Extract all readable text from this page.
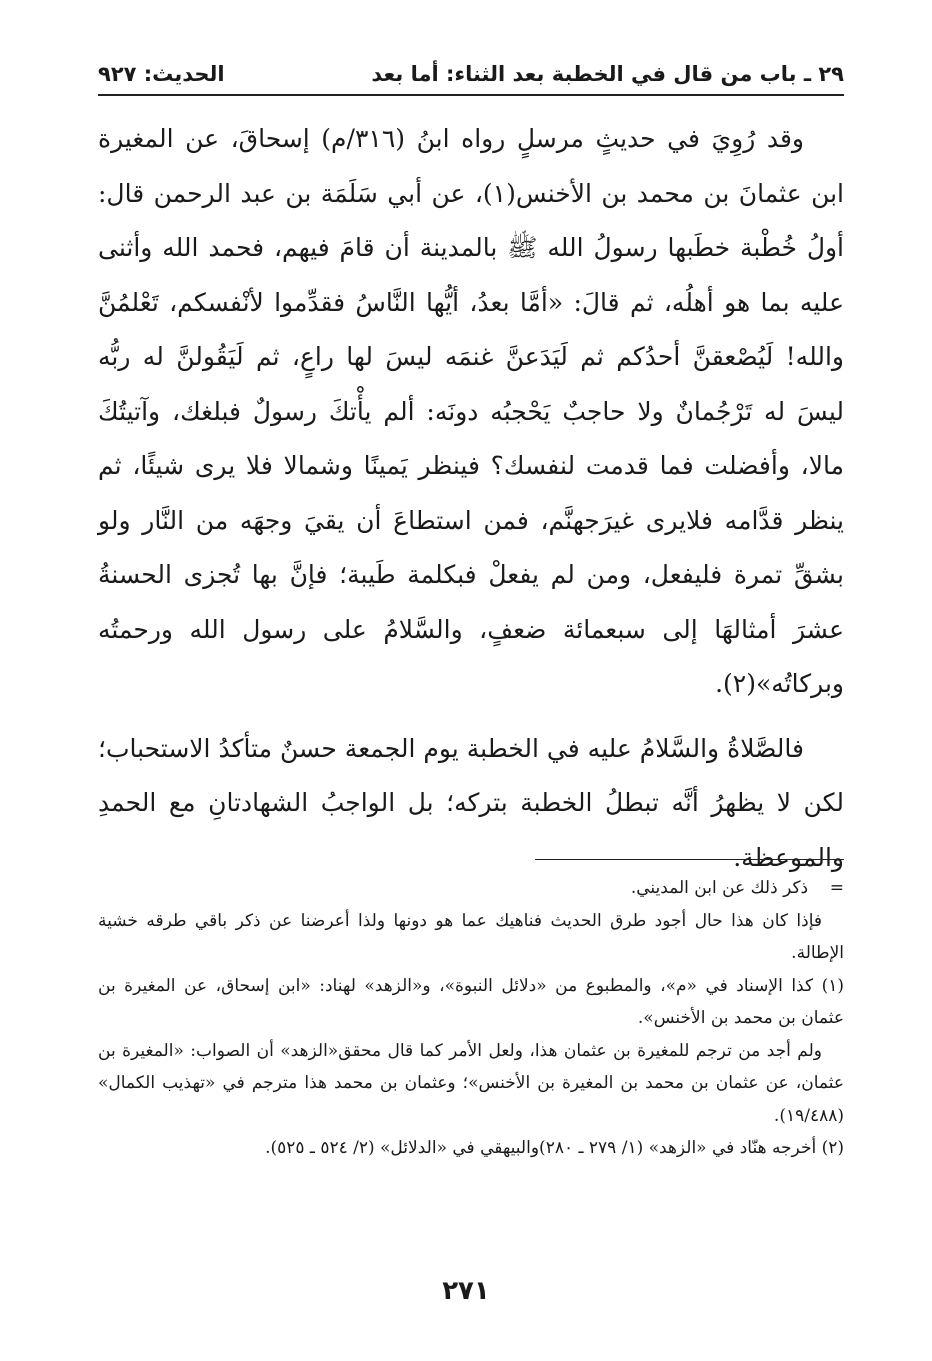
٢٩ ـ باب من قال في الخطبة بعد الثناء: أما بعد
الحديث: ٩٢٧

وقد رُوِيَ في حديثٍ مرسلٍ رواه ابنُ (٣١٦/م) إسحاقَ، عن المغيرة ابن عثمانَ بن محمد بن الأخنس(١)، عن أبي سَلَمَة بن عبد الرحمن قال: أولُ خُطْبة خطَبها رسولُ الله ﷺ بالمدينة أن قامَ فيهم، فحمد الله وأثنى عليه بما هو أهلُه، ثم قالَ: «أمَّا بعدُ، أيُّها النَّاسُ فقدِّموا لأنْفسكم، تَعْلمُنَّ والله! لَيُصْعقنَّ أحدُكم ثم لَيَدَعنَّ غنمَه ليسَ لها راعٍ، ثم لَيَقُولنَّ له ربُّه ليسَ له تَرْجُمانٌ ولا حاجبٌ يَحْجبُه دونَه: ألم يأْتكَ رسولٌ فبلغك، وآتيتُكَ مالا، وأفضلت فما قدمت لنفسك؟ فينظر يَمينًا وشمالا فلا يرى شيئًا، ثم ينظر قدَّامه فلايرى غيرَجهنَّم، فمن استطاعَ أن يقيَ وجهَه من النَّار ولو بشقِّ تمرة فليفعل، ومن لم يفعلْ فبكلمة طَيبة؛ فإنَّ بها تُجزى الحسنةُ عشرَ أمثالهَا إلى سبعمائة ضعفٍ، والسَّلامُ على رسول الله ورحمتُه وبركاتُه»(٢).

فالصَّلاةُ والسَّلامُ عليه في الخطبة يوم الجمعة حسنٌ متأكدُ الاستحباب؛ لكن لا يظهرُ أنَّه تبطلُ الخطبة بتركه؛ بل الواجبُ الشهادتانِ مع الحمدِ والموعظة.

=    ذكر ذلك عن ابن المديني.

فإذا كان هذا حال أجود طرق الحديث فناهيك عما هو دونها ولذا أعرضنا عن ذكر باقي طرقه خشية الإطالة.

(١) كذا الإسناد في «م»، والمطبوع من «دلائل النبوة»، و«الزهد» لهناد: «ابن إسحاق، عن المغيرة بن عثمان بن محمد بن الأخنس».

ولم أجد من ترجم للمغيرة بن عثمان هذا، ولعل الأمر كما قال محقق«الزهد» أن الصواب: «المغيرة بن عثمان، عن عثمان بن محمد بن المغيرة بن الأخنس»؛ وعثمان بن محمد هذا مترجم في «تهذيب الكمال» (١٩/٤٨٨).

(٢) أخرجه هنّاد في «الزهد» (١/ ٢٧٩ ـ ٢٨٠)والبيهقي في «الدلائل» (٢/ ٥٢٤ ـ ٥٢٥).

٢٧١
